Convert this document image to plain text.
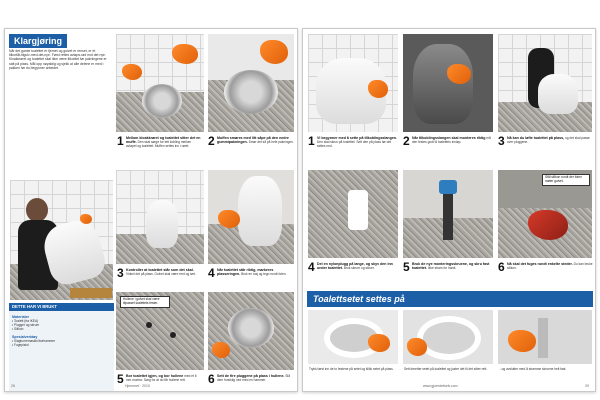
Klargjøring
Når det gamle toalettet er fjernet og gulvet er renset, er et tilkortåt-tilgulv-med-det-nye. Først rettes avløps-rød mot det nye. Kloakkrøret og toalettet skal ikke være tilkoblet før pakningene er satt på plass. Mål opp nøyaktig og sjekk at alle delene er med i pakken før du begynner arbeidet.
Materialer
▪ Toalett (fra IKEA)
▪ Plugger og skruer
▪ Silikon
Spesialverktøy
▪ Slagborremaskin/borhammer
▪ Fugepistol
DETTE HAR VI BRUKT
1 Mellom kloakkrøret og toalettet sitter det en muffe. Den skal sørge for tett kobling mellom avløpet og toalettet. Muffen settes inn i røret.	2 Muffen smøres med litt såpe på den nedre gummipakningen. Smør det så på hele pakningen.
3 Kontroller at toalettet står som det skal. Vinkel det på plass. Gulvet skal være rent og tørt.	4 Når toalettet står riktig, markeres plasseringen. Bruk en tusj og tegn rundt foten.
Hullene i gulvet skal være tilpasset toalettets fester.
5 Bor toalettet igjen, og bor hullene med et 6 mm murbor. Sørg for at du får hullene rett.	6 Sett de fire pluggene på plass i hullene. Slå dem forsiktig ned med en hammer.
26	Hjemmet · 2010
1 Vi begynner med å sette på tilkoblingsslangen. Den skal skrus på toalettet. Sett den på plass før det settes ned.	2 Når tilkoblingsslangen skal monteres riktig må den festes godt til toalettets innløp.	3 Nå kan du løfte toalettet på plass, og det skal passe over pluggene.
4 Del en nylonplugg på lange, og skyv den inn under toalettet. Bruk skruer og skiver.	5 Bruk de nye monteringsskruene, og skru fast toalettet. Ikke stram for hardt.
Stål silikon rundt der foten møter gulvet.
6 Nå skal det fuges rundt enkelte steder. Du kan bruke silikon.
Toalettsetet settes på
Trykk først inn de to festene på setet og klikk setet på plass.	Sett deretter setet på toalettet og juster det til det sitter rett.	...og avslutter med å stramme skruene helt fast.
www.gjoerdetselv.com	29
